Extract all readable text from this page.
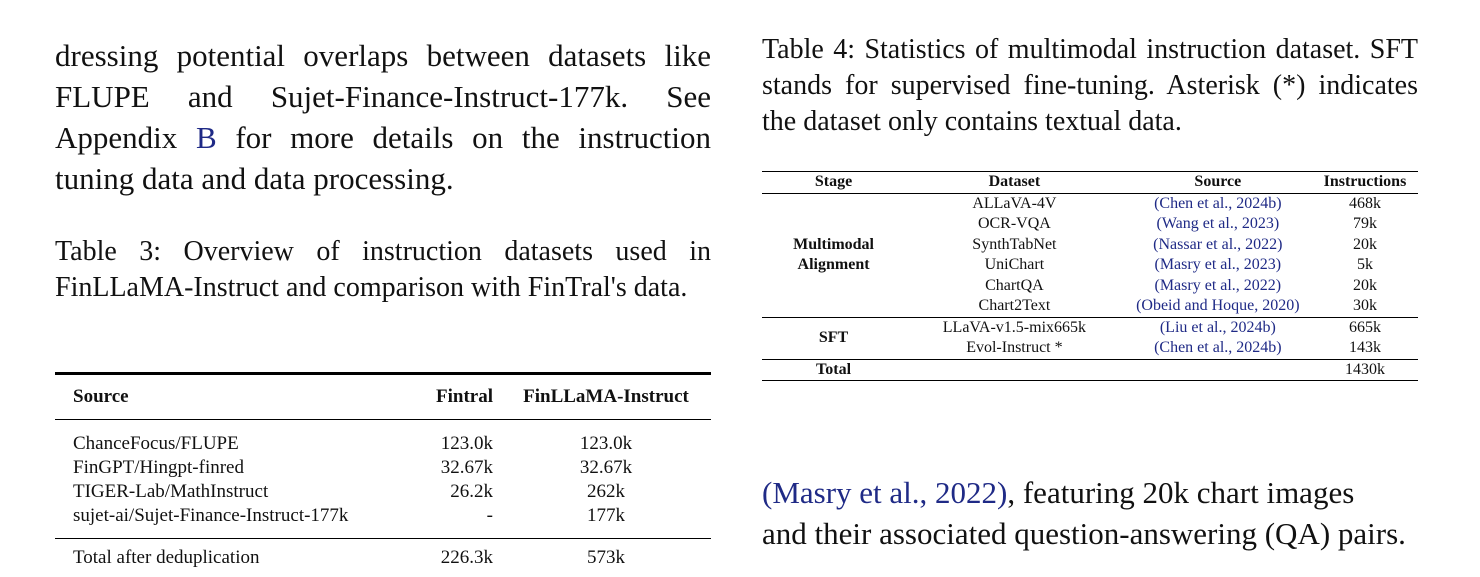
dressing potential overlaps between datasets like FLUPE and Sujet-Finance-Instruct-177k. See Appendix B for more details on the instruction tuning data and data processing.

Table 3: Overview of instruction datasets used in FinLLaMA-Instruct and comparison with FinTral's data.

Source	Fintral	FinLLaMA-Instruct
ChanceFocus/FLUPE	123.0k	123.0k
FinGPT/Hingpt-finred	32.67k	32.67k
TIGER-Lab/MathInstruct	26.2k	262k
sujet-ai/Sujet-Finance-Instruct-177k	-	177k
Total after deduplication	226.3k	573k

Table 4: Statistics of multimodal instruction dataset. SFT stands for supervised fine-tuning. Asterisk (*) indicates the dataset only contains textual data.

Stage	Dataset	Source	Instructions
Multimodal Alignment	ALLaVA-4V	(Chen et al., 2024b)	468k
	OCR-VQA	(Wang et al., 2023)	79k
	SynthTabNet	(Nassar et al., 2022)	20k
	UniChart	(Masry et al., 2023)	5k
	ChartQA	(Masry et al., 2022)	20k
	Chart2Text	(Obeid and Hoque, 2020)	30k
SFT	LLaVA-v1.5-mix665k	(Liu et al., 2024b)	665k
	Evol-Instruct *	(Chen et al., 2024b)	143k
Total			1430k

(Masry et al., 2022), featuring 20k chart images

and their associated question-answering (QA) pairs.
